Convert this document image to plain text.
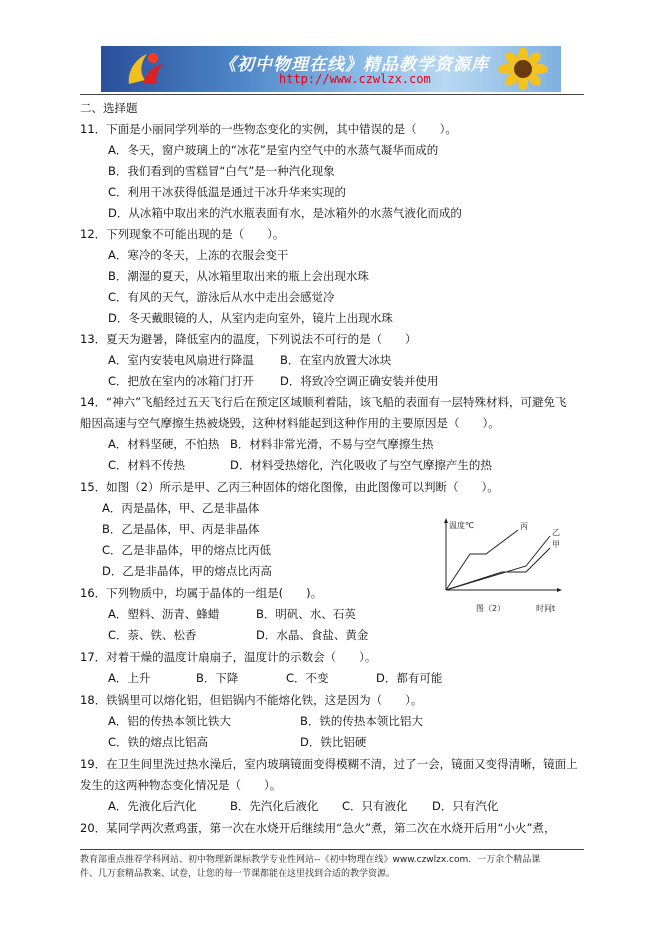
《初中物理在线》精品教学资源库
http://www.czwlzx.com
二、选择题
11．下面是小丽同学列举的一些物态变化的实例，其中错误的是（　　）。
A．冬天，窗户玻璃上的“冰花”是室内空气中的水蒸气凝华而成的
B．我们看到的雪糕冒“白气”是一种汽化现象
C．利用干冰获得低温是通过干冰升华来实现的
D．从冰箱中取出来的汽水瓶表面有水，是冰箱外的水蒸气液化而成的
12．下列现象不可能出现的是（　　）。
A．寒冷的冬天，上冻的衣服会变干
B．潮湿的夏天，从冰箱里取出来的瓶上会出现水珠
C．有风的天气，游泳后从水中走出会感觉冷
D．冬天戴眼镜的人，从室内走向室外，镜片上出现水珠
13．夏天为避暑，降低室内的温度，下列说法不可行的是（　　）
A．室内安装电风扇进行降温 B．在室内放置大冰块
C．把放在室内的冰箱门打开 D．将致冷空调正确安装并使用
14．“神六”飞船经过五天飞行后在预定区域顺利着陆，该飞船的表面有一层特殊材料，可避免飞
船因高速与空气摩擦生热被烧毁，这种材料能起到这种作用的主要原因是（　　）。
A．材料坚硬，不怕热 B．材料非常光滑，不易与空气摩擦生热
C．材料不传热	D．材料受热熔化，汽化吸收了与空气摩擦产生的热
15．如图（2）所示是甲、乙丙三种固体的熔化图像，由此图像可以判断（　　）。
A．丙是晶体，甲、乙是非晶体
B．乙是晶体，甲、丙是非晶体
C．乙是非晶体，甲的熔点比丙低
D．乙是非晶体，甲的熔点比丙高
16．下列物质中，均属于晶体的一组是(　　)。
A．塑料、沥青、蜂蜡	B．明矾、水、石英
C．萘、铁、松香	D．水晶、食盐、黄金
17．对着干燥的温度计扇扇子，温度计的示数会（　　）。
A．上升	B．下降	C．不变	D．都有可能
18．铁锅里可以熔化铝，但铝锅内不能熔化铁，这是因为（　　）。
A．铝的传热本领比铁大	B．铁的传热本领比铝大
C．铁的熔点比铝高	D．铁比铝硬
19．在卫生间里洗过热水澡后，室内玻璃镜面变得模糊不清，过了一会，镜面又变得清晰，镜面上
发生的这两种物态变化情况是（　　）。
A．先液化后汽化	B．先汽化后液化 C．只有液化 D．只有汽化
20．某同学两次煮鸡蛋，第一次在水烧开后继续用“急火”煮，第二次在水烧开后用“小火”煮，
温度℃
时间t
图（2）
丙
乙
甲
教育部重点推荐学科网站、初中物理新课标教学专业性网站--《初中物理在线》www.czwlzx.com．一万余个精品课
件、几万套精品教案、试卷，让您的每一节课都能在这里找到合适的教学资源。
